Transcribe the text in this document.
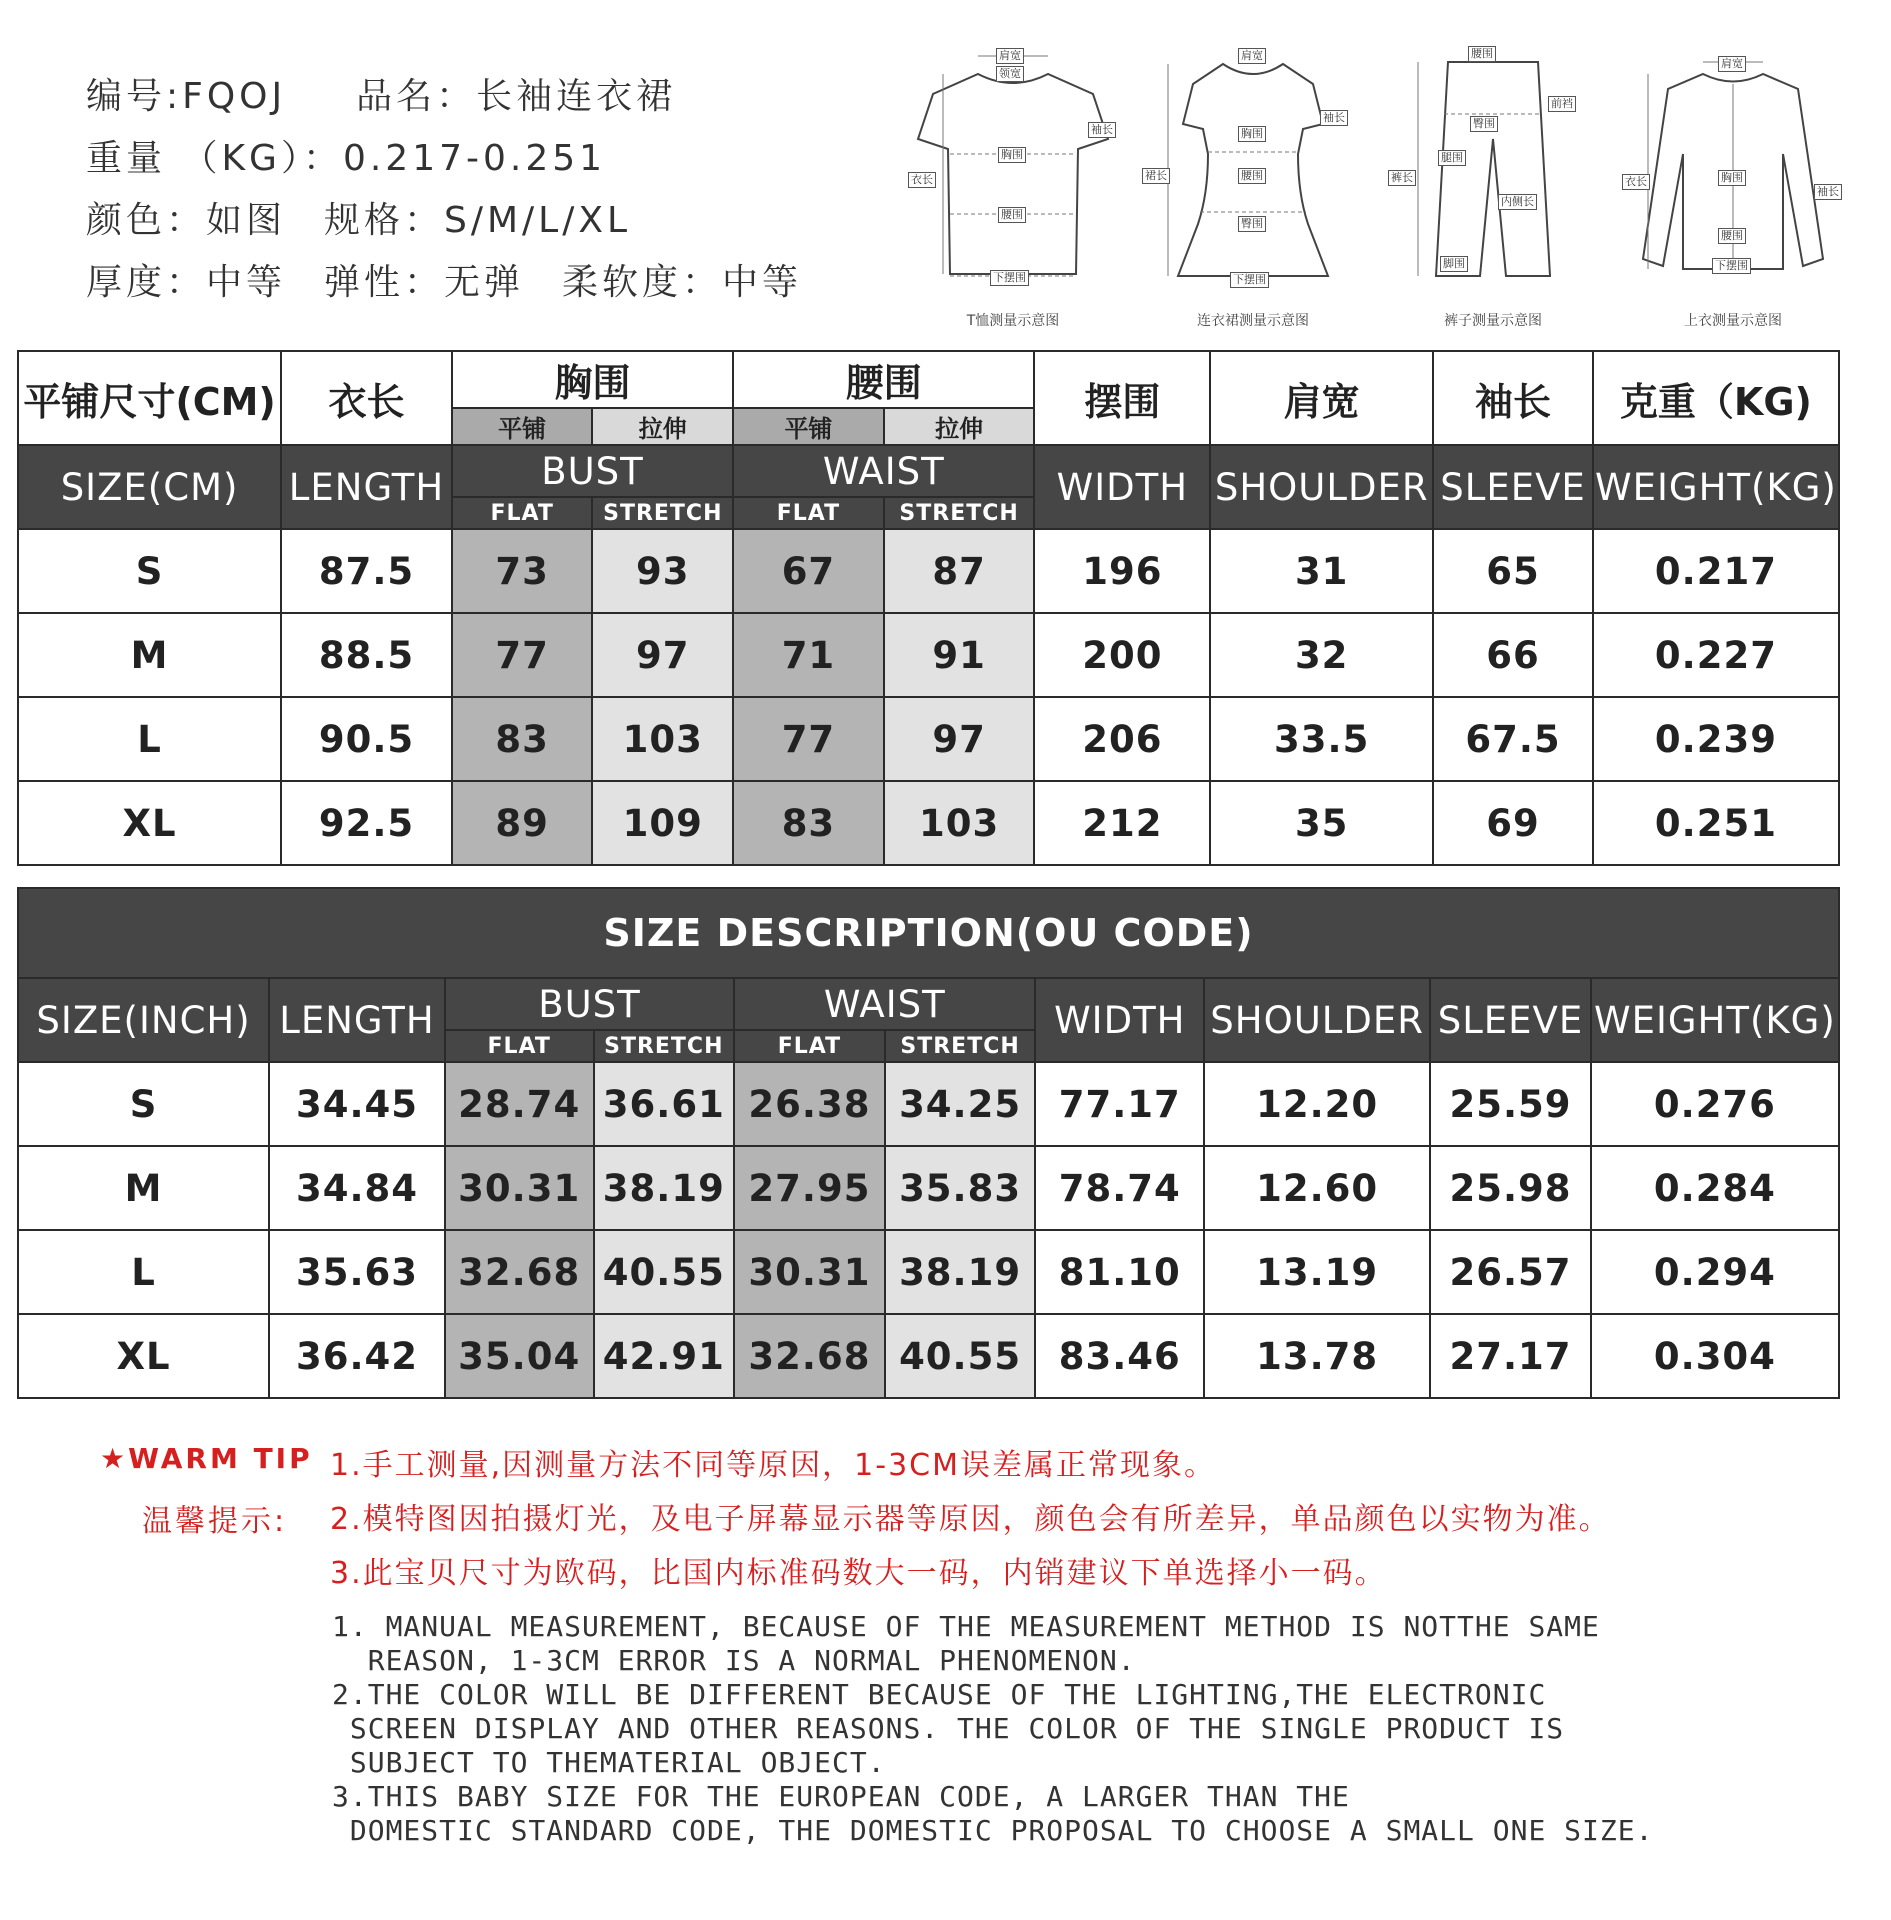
编号:FQOJ 品名：长袖连衣裙
重量 （KG）：0.217-0.251
颜色：如图 规格：S/M/L/XL
厚度：中等 弹性：无弹 柔软度：中等
肩宽
领宽
袖长
胸围
衣长
腰围
下摆围
T恤测量示意图
肩宽
袖长
胸围
裙长	腰围
臀围
下摆围
连衣裙测量示意图
腰围
前裆
臀围
腿围
裤长
内侧长
脚围
裤子测量示意图
肩宽
胸围
衣长
袖长
腰围
下摆围
上衣测量示意图
平铺尺寸(CM)	衣长	胸围		腰围		摆围	肩宽	袖长	克重（KG)
		平铺	拉伸	平铺	拉伸				
SIZE(CM)	LENGTH	BUST		WAIST		WIDTH	SHOULDER	SLEEVE	WEIGHT(KG)
		FLAT	STRETCH	FLAT	STRETCH				
S	87.5	73	93	67	87	196	31	65	0.217
M	88.5	77	97	71	91	200	32	66	0.227
L	90.5	83	103	77	97	206	33.5	67.5	0.239
XL	92.5	89	109	83	103	212	35	69	0.251
SIZE DESCRIPTION(OU CODE)									
SIZE(INCH)	LENGTH	BUST		WAIST		WIDTH	SHOULDER	SLEEVE	WEIGHT(KG)
		FLAT	STRETCH	FLAT	STRETCH				
S	34.45	28.74	36.61	26.38	34.25	77.17	12.20	25.59	0.276
M	34.84	30.31	38.19	27.95	35.83	78.74	12.60	25.98	0.284
L	35.63	32.68	40.55	30.31	38.19	81.10	13.19	26.57	0.294
XL	36.42	35.04	42.91	32.68	40.55	83.46	13.78	27.17	0.304
★WARM TIP
温馨提示:
1.手工测量,因测量方法不同等原因，1-3CM误差属正常现象。
2.模特图因拍摄灯光，及电子屏幕显示器等原因，颜色会有所差异，单品颜色以实物为准。
3.此宝贝尺寸为欧码，比国内标准码数大一码，内销建议下单选择小一码。
1. MANUAL MEASUREMENT, BECAUSE OF THE MEASUREMENT METHOD IS NOTTHE SAME
REASON, 1-3CM ERROR IS A NORMAL PHENOMENON.
2.THE COLOR WILL BE DIFFERENT BECAUSE OF THE LIGHTING,THE ELECTRONIC
SCREEN DISPLAY AND OTHER REASONS. THE COLOR OF THE SINGLE PRODUCT IS
SUBJECT TO THEMATERIAL OBJECT.
3.THIS BABY SIZE FOR THE EUROPEAN CODE, A LARGER THAN THE
DOMESTIC STANDARD CODE, THE DOMESTIC PROPOSAL TO CHOOSE A SMALL ONE SIZE.
